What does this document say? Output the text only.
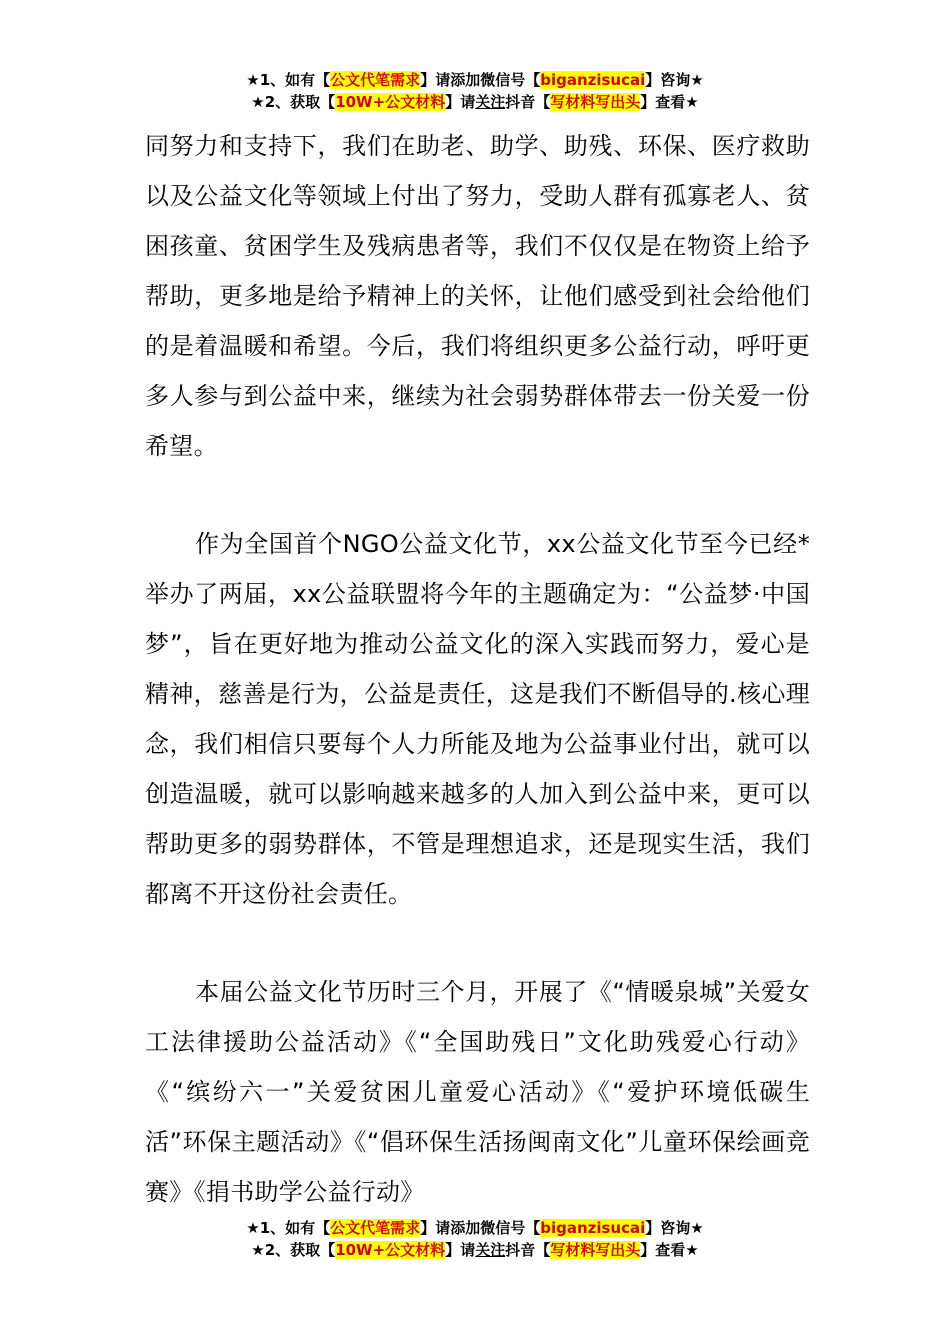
★1、如有【公文代笔需求】请添加微信号【biganzisucai】咨询★
★2、获取【10W+公文材料】请关注抖音【写材料写出头】查看★

同努力和支持下，我们在助老、助学、助残、环保、医疗救助以及公益文化等领域上付出了努力，受助人群有孤寡老人、贫困孩童、贫困学生及残病患者等，我们不仅仅是在物资上给予帮助，更多地是给予精神上的关怀，让他们感受到社会给他们的是着温暖和希望。今后，我们将组织更多公益行动，呼吁更多人参与到公益中来，继续为社会弱势群体带去一份关爱一份希望。

作为全国首个NGO公益文化节，xx公益文化节至今已经*举办了两届，xx公益联盟将今年的主题确定为：“公益梦·中国梦”，旨在更好地为推动公益文化的深入实践而努力，爱心是精神，慈善是行为，公益是责任，这是我们不断倡导的.核心理念，我们相信只要每个人力所能及地为公益事业付出，就可以创造温暖，就可以影响越来越多的人加入到公益中来，更可以帮助更多的弱势群体，不管是理想追求，还是现实生活，我们都离不开这份社会责任。

本届公益文化节历时三个月，开展了《“情暖泉城”关爱女工法律援助公益活动》《“全国助残日”文化助残爱心行动》《“缤纷六一”关爱贫困儿童爱心活动》《“爱护环境低碳生活”环保主题活动》《“倡环保生活扬闽南文化”儿童环保绘画竞赛》《捐书助学公益行动》

★1、如有【公文代笔需求】请添加微信号【biganzisucai】咨询★
★2、获取【10W+公文材料】请关注抖音【写材料写出头】查看★
